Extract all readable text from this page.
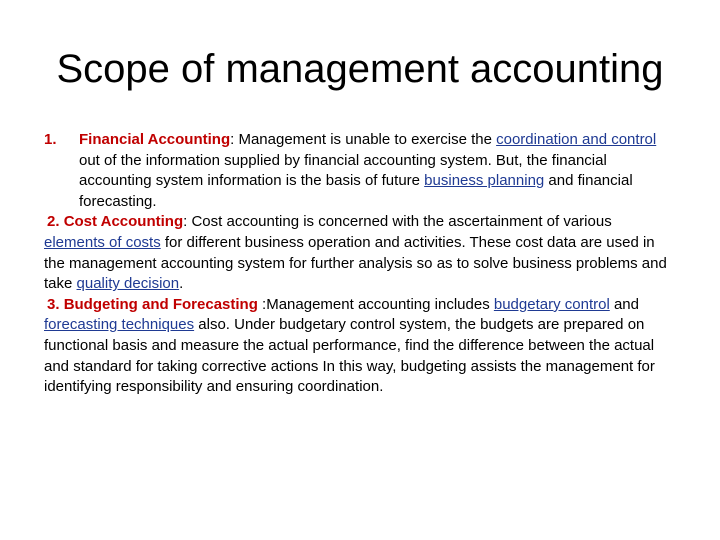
Scope of management accounting

1. Financial Accounting: Management is unable to exercise the coordination and control out of the information supplied by financial accounting system. But, the financial accounting system information is the basis of future business planning and financial forecasting.

2. Cost Accounting: Cost accounting is concerned with the ascertainment of various elements of costs for different business operation and activities. These cost data are used in the management accounting system for further analysis so as to solve business problems and take quality decision.

3. Budgeting and Forecasting :Management accounting includes budgetary control and forecasting techniques also. Under budgetary control system, the budgets are prepared on functional basis and measure the actual performance, find the difference between the actual and standard for taking corrective actions In this way, budgeting assists the management for identifying responsibility and ensuring coordination.
